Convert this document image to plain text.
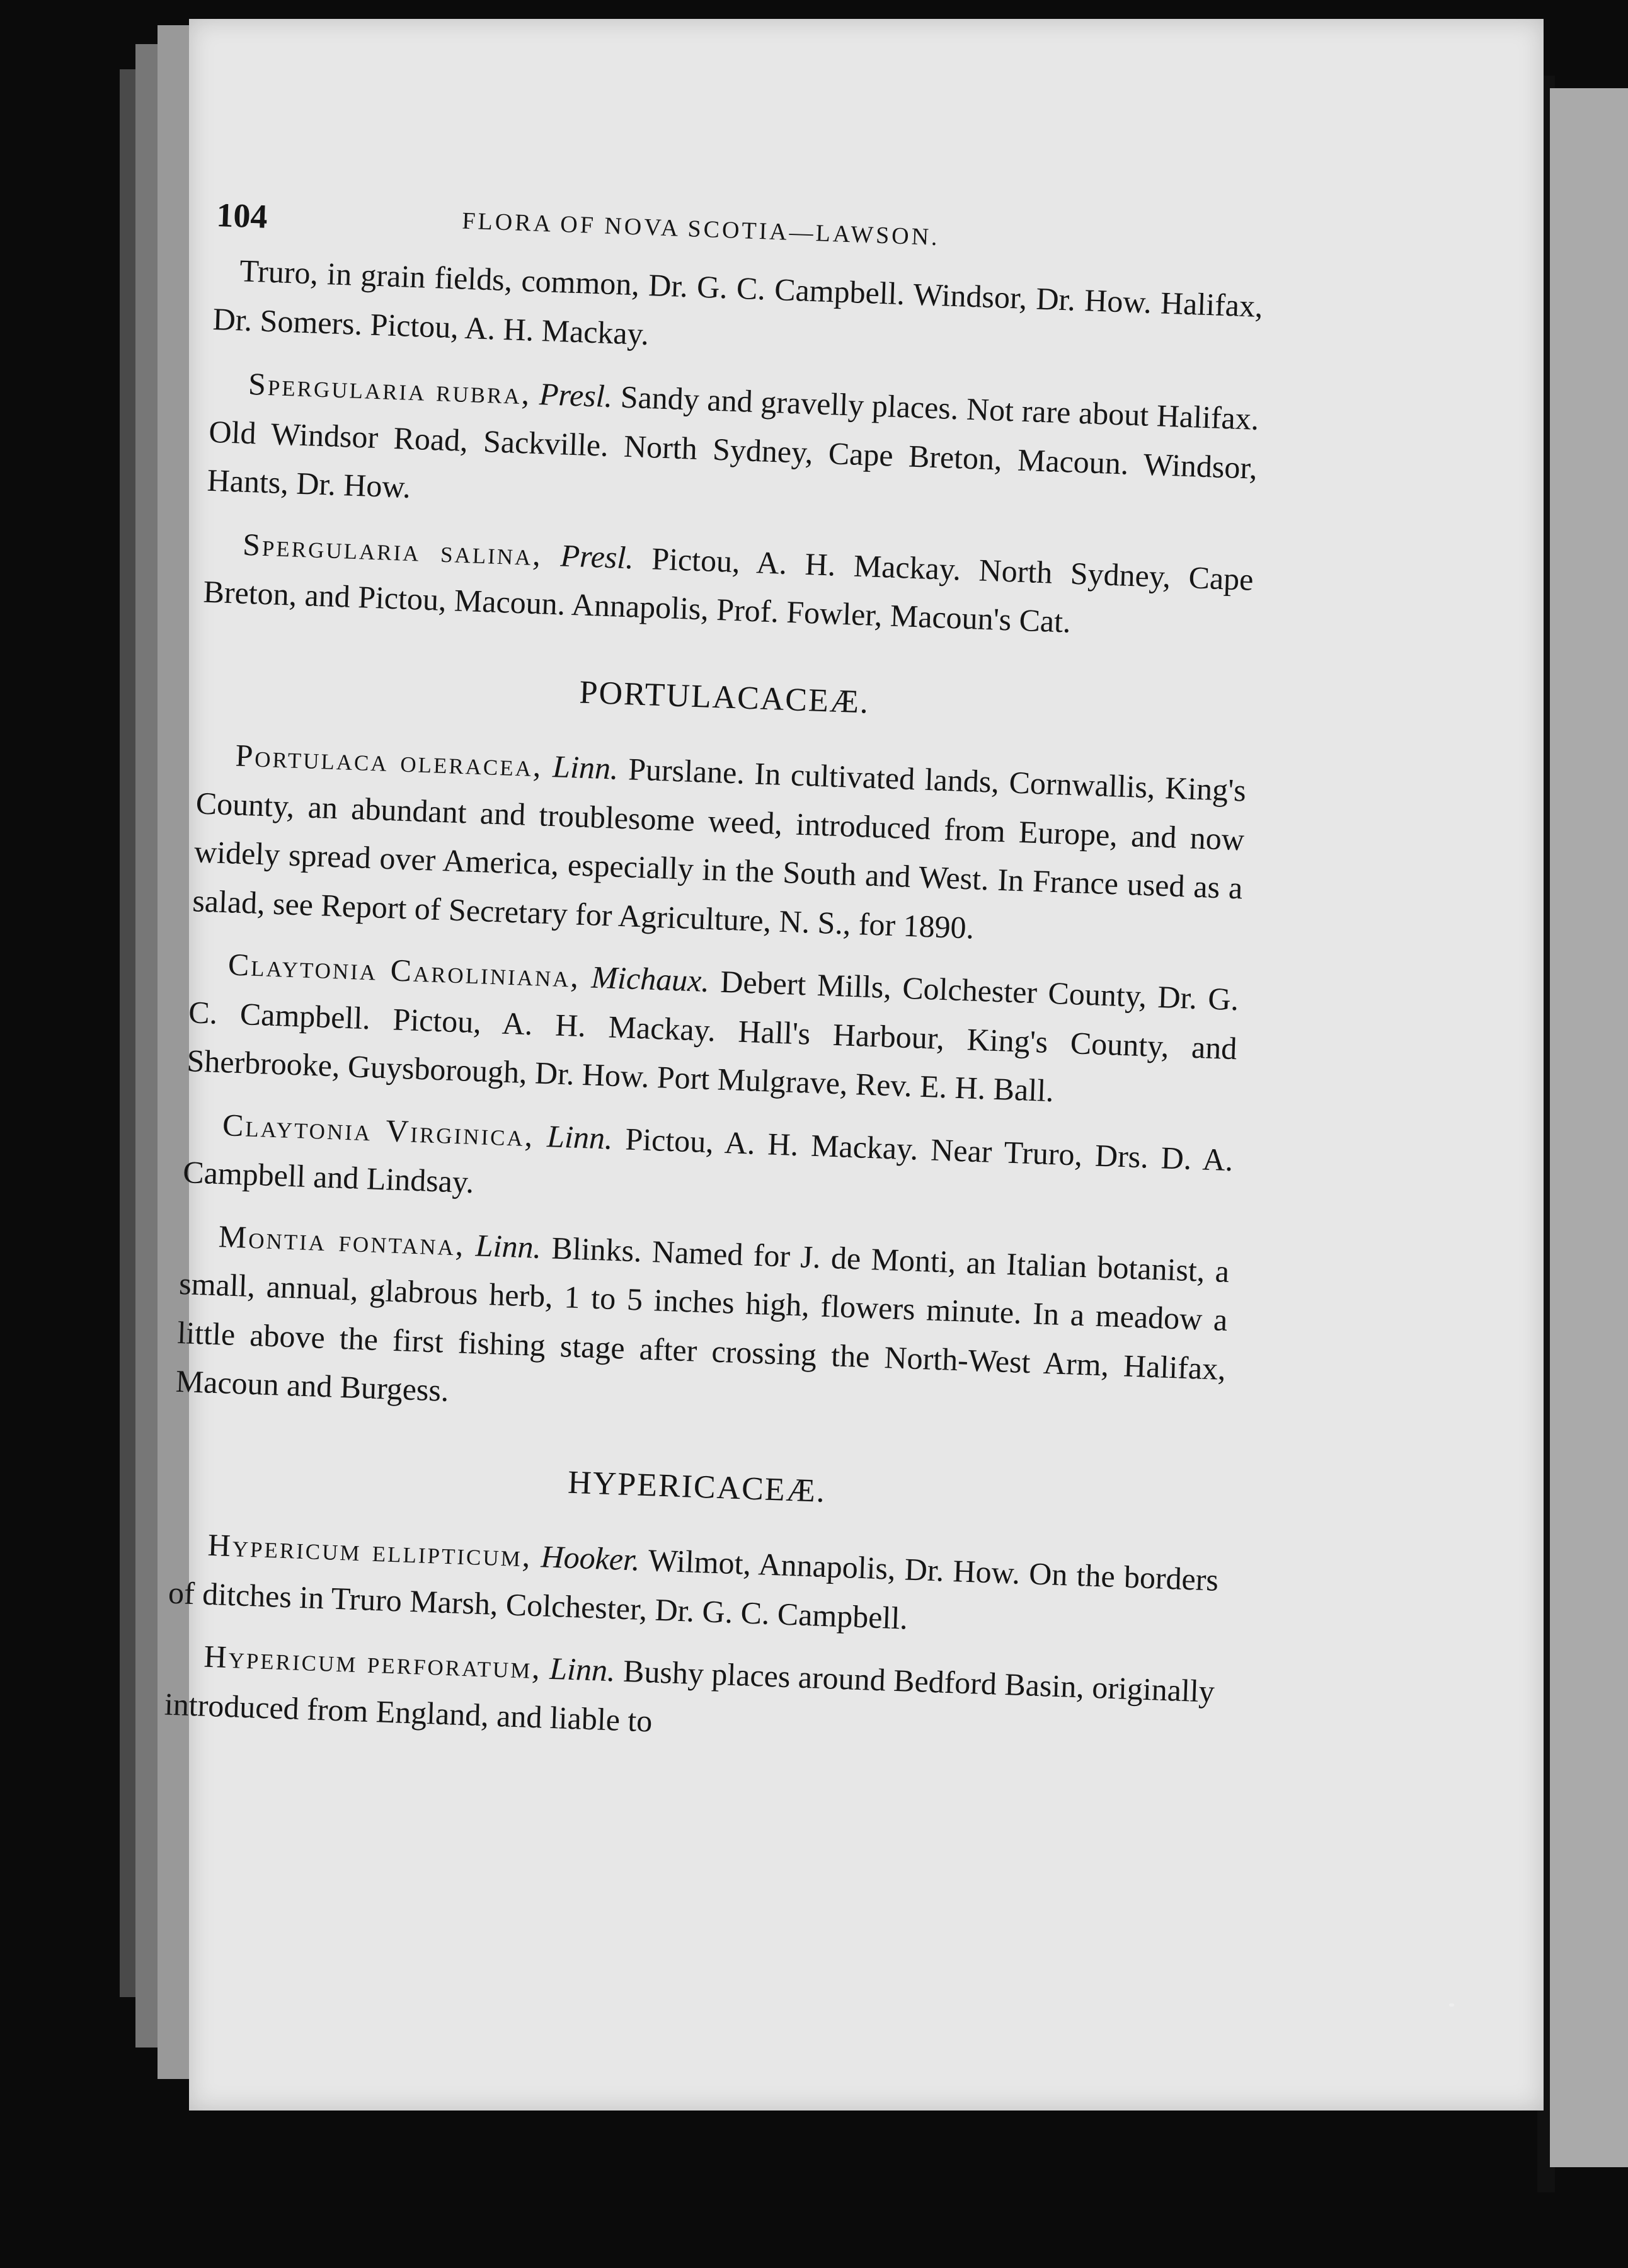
104	FLORA OF NOVA SCOTIA—LAWSON.

Truro, in grain fields, common, Dr. G. C. Campbell. Windsor, Dr. How. Halifax, Dr. Somers. Pictou, A. H. Mackay.

Spergularia rubra, Presl. Sandy and gravelly places. Not rare about Halifax. Old Windsor Road, Sackville. North Sydney, Cape Breton, Macoun. Windsor, Hants, Dr. How.

Spergularia salina, Presl. Pictou, A. H. Mackay. North Sydney, Cape Breton, and Pictou, Macoun. Annapolis, Prof. Fowler, Macoun's Cat.

PORTULACACEÆ.

Portulaca oleracea, Linn. Purslane. In cultivated lands, Cornwallis, King's County, an abundant and troublesome weed, introduced from Europe, and now widely spread over America, especially in the South and West. In France used as a salad, see Report of Secretary for Agriculture, N. S., for 1890.

Claytonia Caroliniana, Michaux. Debert Mills, Colchester County, Dr. G. C. Campbell. Pictou, A. H. Mackay. Hall's Harbour, King's County, and Sherbrooke, Guysborough, Dr. How. Port Mulgrave, Rev. E. H. Ball.

Claytonia Virginica, Linn. Pictou, A. H. Mackay. Near Truro, Drs. D. A. Campbell and Lindsay.

Montia fontana, Linn. Blinks. Named for J. de Monti, an Italian botanist, a small, annual, glabrous herb, 1 to 5 inches high, flowers minute. In a meadow a little above the first fishing stage after crossing the North-West Arm, Halifax, Macoun and Burgess.

HYPERICACEÆ.

Hypericum ellipticum, Hooker. Wilmot, Annapolis, Dr. How. On the borders of ditches in Truro Marsh, Colchester, Dr. G. C. Campbell.

Hypericum perforatum, Linn. Bushy places around Bedford Basin, originally introduced from England, and liable to
